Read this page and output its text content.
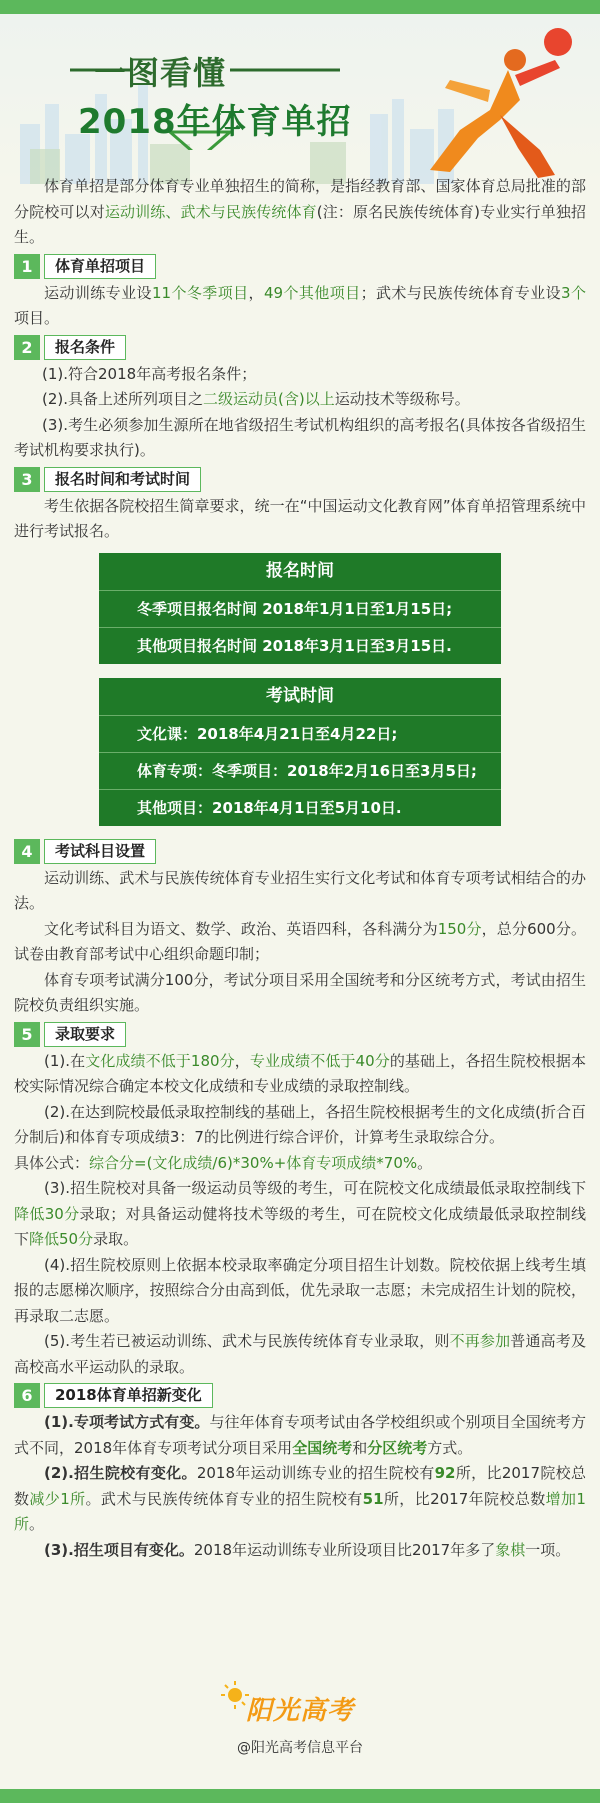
一图看懂
2018年体育单招

体育单招是部分体育专业单独招生的简称，是指经教育部、国家体育总局批准的部分院校可以对运动训练、武术与民族传统体育(注：原名民族传统体育)专业实行单独招生。

1	体育单招项目

运动训练专业设11个冬季项目，49个其他项目；武术与民族传统体育专业设3个项目。

2	报名条件

(1).符合2018年高考报名条件；

(2).具备上述所列项目之二级运动员(含)以上运动技术等级称号。

(3).考生必须参加生源所在地省级招生考试机构组织的高考报名(具体按各省级招生考试机构要求执行)。

3	报名时间和考试时间

考生依据各院校招生简章要求，统一在“中国运动文化教育网”体育单招管理系统中进行考试报名。

报名时间
冬季项目报名时间 2018年1月1日至1月15日;
其他项目报名时间 2018年3月1日至3月15日.
考试时间
文化课：2018年4月21日至4月22日;
体育专项：冬季项目：2018年2月16日至3月5日;
其他项目：2018年4月1日至5月10日.
4	考试科目设置

运动训练、武术与民族传统体育专业招生实行文化考试和体育专项考试相结合的办法。

文化考试科目为语文、数学、政治、英语四科，各科满分为150分，总分600分。试卷由教育部考试中心组织命题印制；

体育专项考试满分100分，考试分项目采用全国统考和分区统考方式，考试由招生院校负责组织实施。

5	录取要求

(1).在文化成绩不低于180分，专业成绩不低于40分的基础上，各招生院校根据本校实际情况综合确定本校文化成绩和专业成绩的录取控制线。

(2).在达到院校最低录取控制线的基础上，各招生院校根据考生的文化成绩(折合百分制后)和体育专项成绩3：7的比例进行综合评价，计算考生录取综合分。

具体公式：综合分=(文化成绩/6)*30%+体育专项成绩*70%。

(3).招生院校对具备一级运动员等级的考生，可在院校文化成绩最低录取控制线下降低30分录取；对具备运动健将技术等级的考生，可在院校文化成绩最低录取控制线下降低50分录取。

(4).招生院校原则上依据本校录取率确定分项目招生计划数。院校依据上线考生填报的志愿梯次顺序，按照综合分由高到低，优先录取一志愿；未完成招生计划的院校，再录取二志愿。

(5).考生若已被运动训练、武术与民族传统体育专业录取，则不再参加普通高考及高校高水平运动队的录取。

6	2018体育单招新变化

(1).专项考试方式有变。与往年体育专项考试由各学校组织或个别项目全国统考方式不同，2018年体育专项考试分项目采用全国统考和分区统考方式。

(2).招生院校有变化。2018年运动训练专业的招生院校有92所，比2017院校总数减少1所。武术与民族传统体育专业的招生院校有51所，比2017年院校总数增加1所。

(3).招生项目有变化。2018年运动训练专业所设项目比2017年多了象棋一项。

阳光高考
@阳光高考信息平台
